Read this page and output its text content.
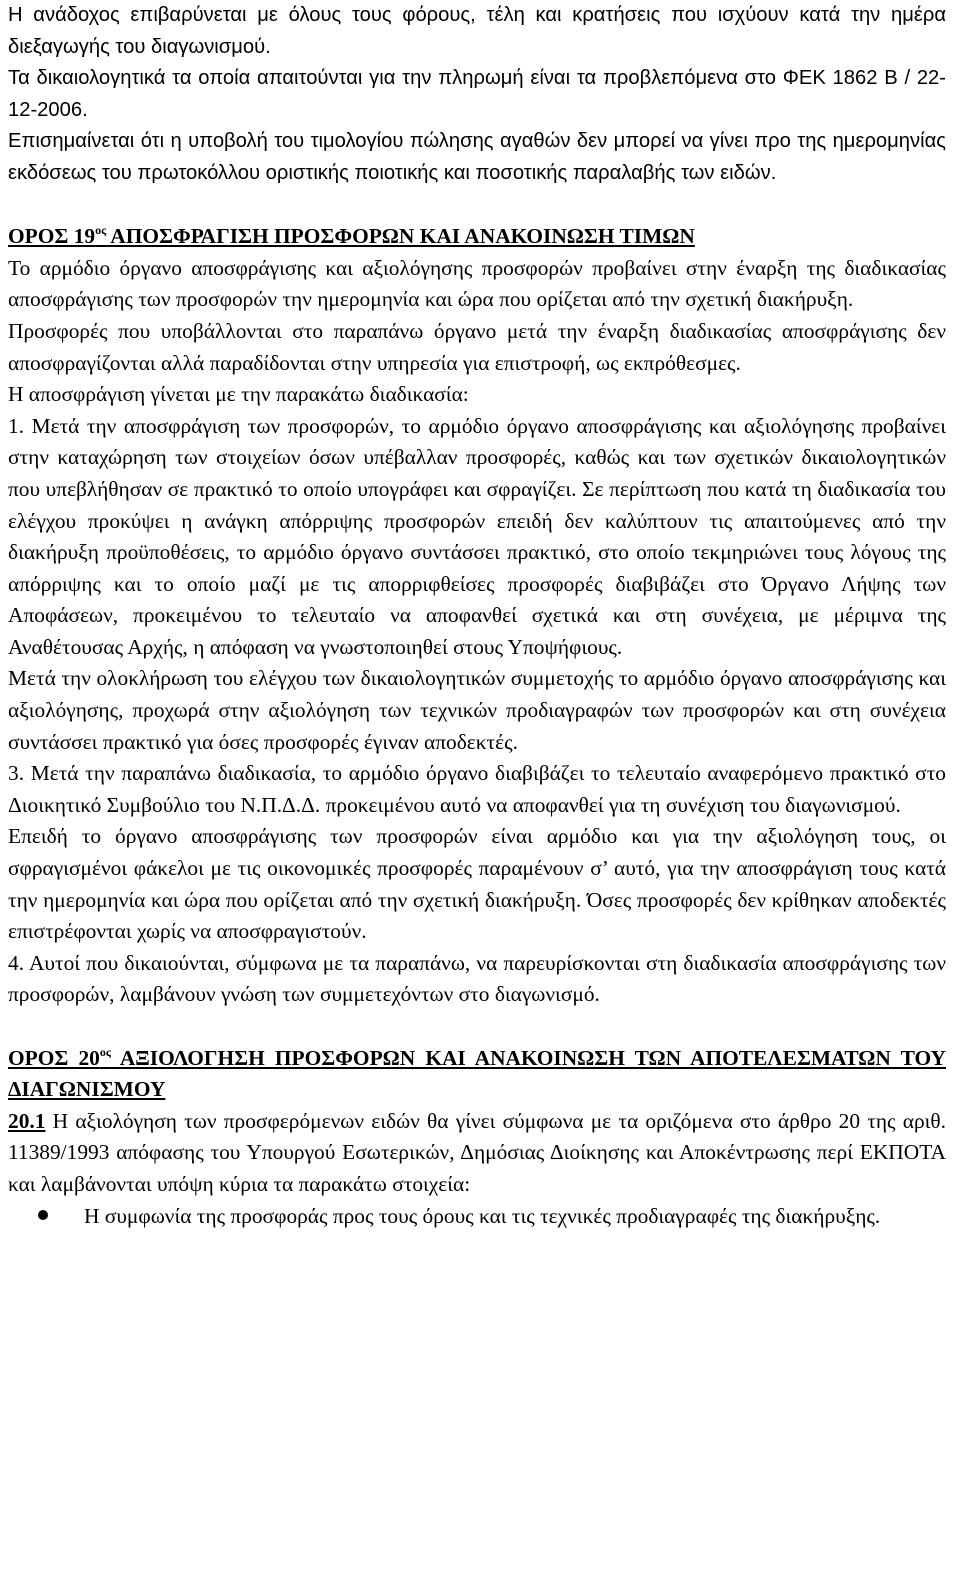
Η ανάδοχος επιβαρύνεται με όλους τους φόρους, τέλη και κρατήσεις που ισχύουν κατά την ημέρα διεξαγωγής του διαγωνισμού.

Τα δικαιολογητικά τα οποία απαιτούνται για την πληρωμή είναι τα προβλεπόμενα στο ΦΕΚ 1862 Β / 22-12-2006.

Επισημαίνεται ότι η υποβολή του τιμολογίου πώλησης αγαθών δεν μπορεί να γίνει προ της ημερομηνίας εκδόσεως του πρωτοκόλλου οριστικής ποιοτικής και ποσοτικής παραλαβής των ειδών.

ΟΡΟΣ $19^{o\varsigma}$ ΑΠΟΣΦΡΑΓΙΣΗ ΠΡΟΣΦΟΡΩΝ ΚΑΙ ΑΝΑΚΟΙΝΩΣΗ ΤΙΜΩΝ

Το αρμόδιο όργανο αποσφράγισης και αξιολόγησης προσφορών προβαίνει στην έναρξη της διαδικασίας αποσφράγισης των προσφορών την ημερομηνία και ώρα που ορίζεται από την σχετική διακήρυξη.

Προσφορές που υποβάλλονται στο παραπάνω όργανο μετά την έναρξη διαδικασίας αποσφράγισης δεν αποσφραγίζονται αλλά παραδίδονται στην υπηρεσία για επιστροφή, ως εκπρόθεσμες.

Η αποσφράγιση γίνεται με την παρακάτω διαδικασία:

1. Μετά την αποσφράγιση των προσφορών, το αρμόδιο όργανο αποσφράγισης και αξιολόγησης προβαίνει στην καταχώρηση των στοιχείων όσων υπέβαλλαν προσφορές, καθώς και των σχετικών δικαιολογητικών που υπεβλήθησαν σε πρακτικό το οποίο υπογράφει και σφραγίζει. Σε περίπτωση που κατά τη διαδικασία του ελέγχου προκύψει η ανάγκη απόρριψης προσφορών επειδή δεν καλύπτουν τις απαιτούμενες από την διακήρυξη προϋποθέσεις, το αρμόδιο όργανο συντάσσει πρακτικό, στο οποίο τεκμηριώνει τους λόγους της απόρριψης και το οποίο μαζί με τις απορριφθείσες προσφορές διαβιβάζει στο Όργανο Λήψης των Αποφάσεων, προκειμένου το τελευταίο να αποφανθεί σχετικά και στη συνέχεια, με μέριμνα της Αναθέτουσας Αρχής, η απόφαση να γνωστοποιηθεί στους Υποψήφιους.

Μετά την ολοκλήρωση του ελέγχου των δικαιολογητικών συμμετοχής το αρμόδιο όργανο αποσφράγισης και αξιολόγησης, προχωρά στην αξιολόγηση των τεχνικών προδιαγραφών των προσφορών και στη συνέχεια συντάσσει πρακτικό για όσες προσφορές έγιναν αποδεκτές.

3. Μετά την παραπάνω διαδικασία, το αρμόδιο όργανο διαβιβάζει το τελευταίο αναφερόμενο πρακτικό στο Διοικητικό Συμβούλιο του Ν.Π.Δ.Δ. προκειμένου αυτό να αποφανθεί για τη συνέχιση του διαγωνισμού.

Επειδή το όργανο αποσφράγισης των προσφορών είναι αρμόδιο και για την αξιολόγηση τους, οι σφραγισμένοι φάκελοι με τις οικονομικές προσφορές παραμένουν σ’ αυτό, για την αποσφράγιση τους κατά την ημερομηνία και ώρα που ορίζεται από την σχετική διακήρυξη. Όσες προσφορές δεν κρίθηκαν αποδεκτές επιστρέφονται χωρίς να αποσφραγιστούν.

4. Αυτοί που δικαιούνται, σύμφωνα με τα παραπάνω, να παρευρίσκονται στη διαδικασία αποσφράγισης των προσφορών, λαμβάνουν γνώση των συμμετεχόντων στο διαγωνισμό.

ΟΡΟΣ $20^{o\varsigma}$ ΑΞΙΟΛΟΓΗΣΗ ΠΡΟΣΦΟΡΩΝ ΚΑΙ ΑΝΑΚΟΙΝΩΣΗ ΤΩΝ ΑΠΟΤΕΛΕΣΜΑΤΩΝ ΤΟΥ ΔΙΑΓΩΝΙΣΜΟΥ

20.1 Η αξιολόγηση των προσφερόμενων ειδών θα γίνει σύμφωνα με τα οριζόμενα στο άρθρο 20 της αριθ. 11389/1993 απόφασης του Υπουργού Εσωτερικών, Δημόσιας Διοίκησης και Αποκέντρωσης περί ΕΚΠΟΤΑ και λαμβάνονται υπόψη κύρια τα παρακάτω στοιχεία:

Η συμφωνία της προσφοράς προς τους όρους και τις τεχνικές προδιαγραφές της διακήρυξης.
